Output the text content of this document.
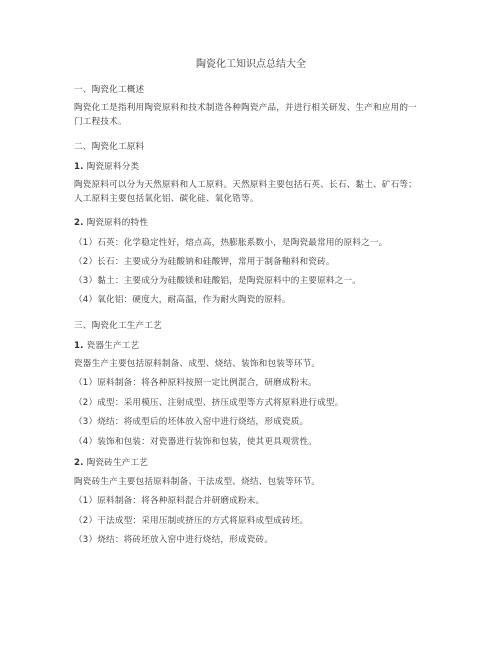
陶瓷化工知识点总结大全
一、陶瓷化工概述
陶瓷化工是指利用陶瓷原料和技术制造各种陶瓷产品，并进行相关研发、生产和应用的一
门工程技术。
二、陶瓷化工原料
1. 陶瓷原料分类
陶瓷原料可以分为天然原料和人工原料。天然原料主要包括石英、长石、黏土、矿石等；
人工原料主要包括氧化铝、碳化硅、氧化锆等。
2. 陶瓷原料的特性
（1）石英：化学稳定性好，熔点高，热膨胀系数小，是陶瓷最常用的原料之一。
（2）长石：主要成分为硅酸钠和硅酸钾，常用于制备釉料和瓷砖。
（3）黏土：主要成分为硅酸镁和硅酸铝，是陶瓷原料中的主要原料之一。
（4）氧化铝：硬度大，耐高温，作为耐火陶瓷的原料。
三、陶瓷化工生产工艺
1. 瓷器生产工艺
瓷器生产主要包括原料制备、成型、烧结、装饰和包装等环节。
（1）原料制备：将各种原料按照一定比例混合，研磨成粉末。
（2）成型：采用模压、注射成型、挤压成型等方式将原料进行成型。
（3）烧结：将成型后的坯体放入窑中进行烧结，形成瓷质。
（4）装饰和包装：对瓷器进行装饰和包装，使其更具观赏性。
2. 陶瓷砖生产工艺
陶瓷砖生产主要包括原料制备、干法成型、烧结、包装等环节。
（1）原料制备：将各种原料混合并研磨成粉末。
（2）干法成型：采用压制或挤压的方式将原料成型成砖坯。
（3）烧结：将砖坯放入窑中进行烧结，形成瓷砖。
